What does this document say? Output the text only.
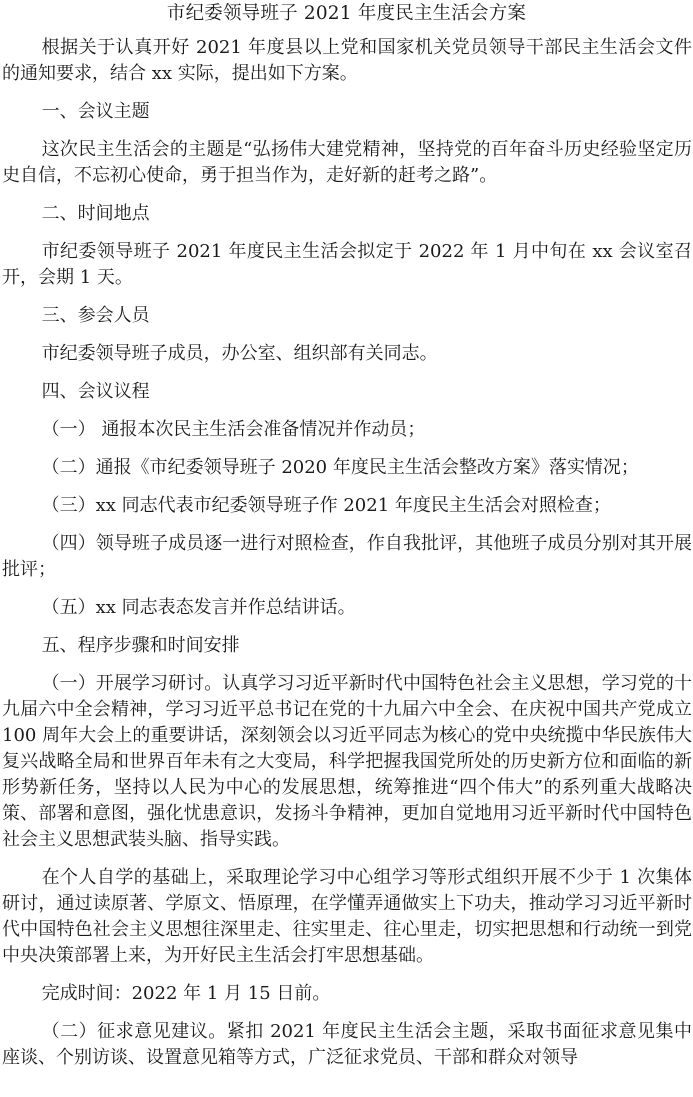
市纪委领导班子 2021 年度民主生活会方案

根据关于认真开好 2021 年度县以上党和国家机关党员领导干部民主生活会文件的通知要求，结合 xx 实际，提出如下方案。

一、会议主题

这次民主生活会的主题是“弘扬伟大建党精神，坚持党的百年奋斗历史经验坚定历史自信，不忘初心使命，勇于担当作为，走好新的赶考之路”。

二、时间地点

市纪委领导班子 2021 年度民主生活会拟定于 2022 年 1 月中旬在 xx 会议室召开，会期 1 天。

三、参会人员

市纪委领导班子成员，办公室、组织部有关同志。

四、会议议程

（一） 通报本次民主生活会准备情况并作动员；

（二）通报《市纪委领导班子 2020 年度民主生活会整改方案》落实情况；

（三）xx 同志代表市纪委领导班子作 2021 年度民主生活会对照检查；

（四）领导班子成员逐一进行对照检查，作自我批评，其他班子成员分别对其开展批评；

（五）xx 同志表态发言并作总结讲话。

五、程序步骤和时间安排

（一）开展学习研讨。认真学习习近平新时代中国特色社会主义思想，学习党的十九届六中全会精神，学习习近平总书记在党的十九届六中全会、在庆祝中国共产党成立 100 周年大会上的重要讲话，深刻领会以习近平同志为核心的党中央统揽中华民族伟大复兴战略全局和世界百年未有之大变局，科学把握我国党所处的历史新方位和面临的新形势新任务，坚持以人民为中心的发展思想，统筹推进“四个伟大”的系列重大战略决策、部署和意图，强化忧患意识，发扬斗争精神，更加自觉地用习近平新时代中国特色社会主义思想武装头脑、指导实践。

在个人自学的基础上，采取理论学习中心组学习等形式组织开展不少于 1 次集体研讨，通过读原著、学原文、悟原理，在学懂弄通做实上下功夫，推动学习习近平新时代中国特色社会主义思想往深里走、往实里走、往心里走，切实把思想和行动统一到党中央决策部署上来，为开好民主生活会打牢思想基础。

完成时间：2022 年 1 月 15 日前。

（二）征求意见建议。紧扣 2021 年度民主生活会主题，采取书面征求意见集中座谈、个别访谈、设置意见箱等方式，广泛征求党员、干部和群众对领导
